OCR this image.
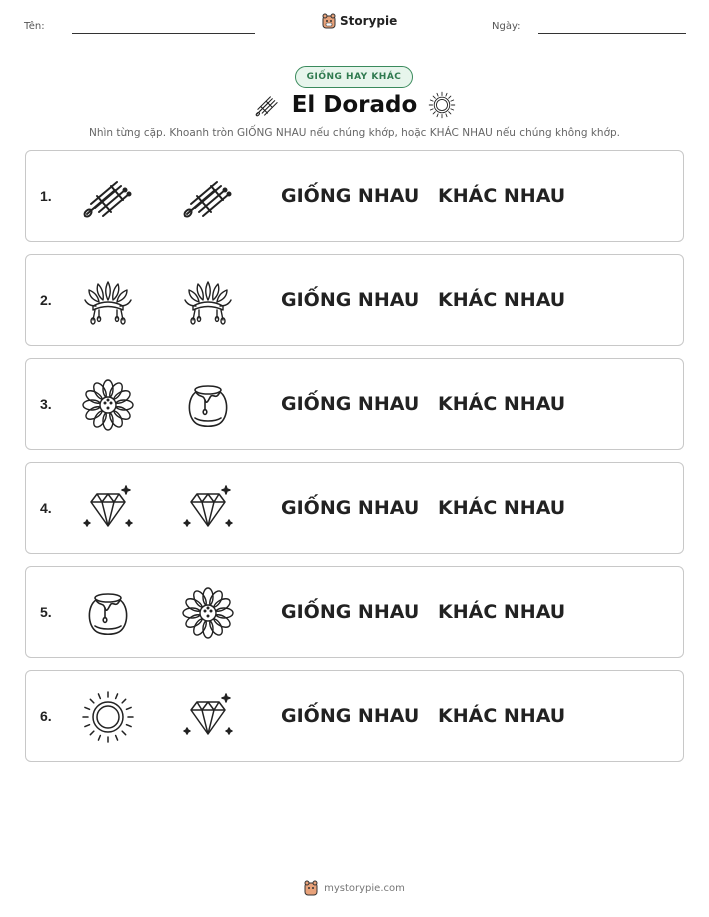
Tên:	Storypie	Ngày:
GIỐNG HAY KHÁC
El Dorado
Nhìn từng cặp. Khoanh tròn GIỐNG NHAU nếu chúng khớp, hoặc KHÁC NHAU nếu chúng không khớp.
1.	GIỐNG NHAU KHÁC NHAU
2.	GIỐNG NHAU KHÁC NHAU
3.	GIỐNG NHAU KHÁC NHAU
4.	GIỐNG NHAU KHÁC NHAU
5.	GIỐNG NHAU KHÁC NHAU
6.	GIỐNG NHAU KHÁC NHAU
mystorypie.com
